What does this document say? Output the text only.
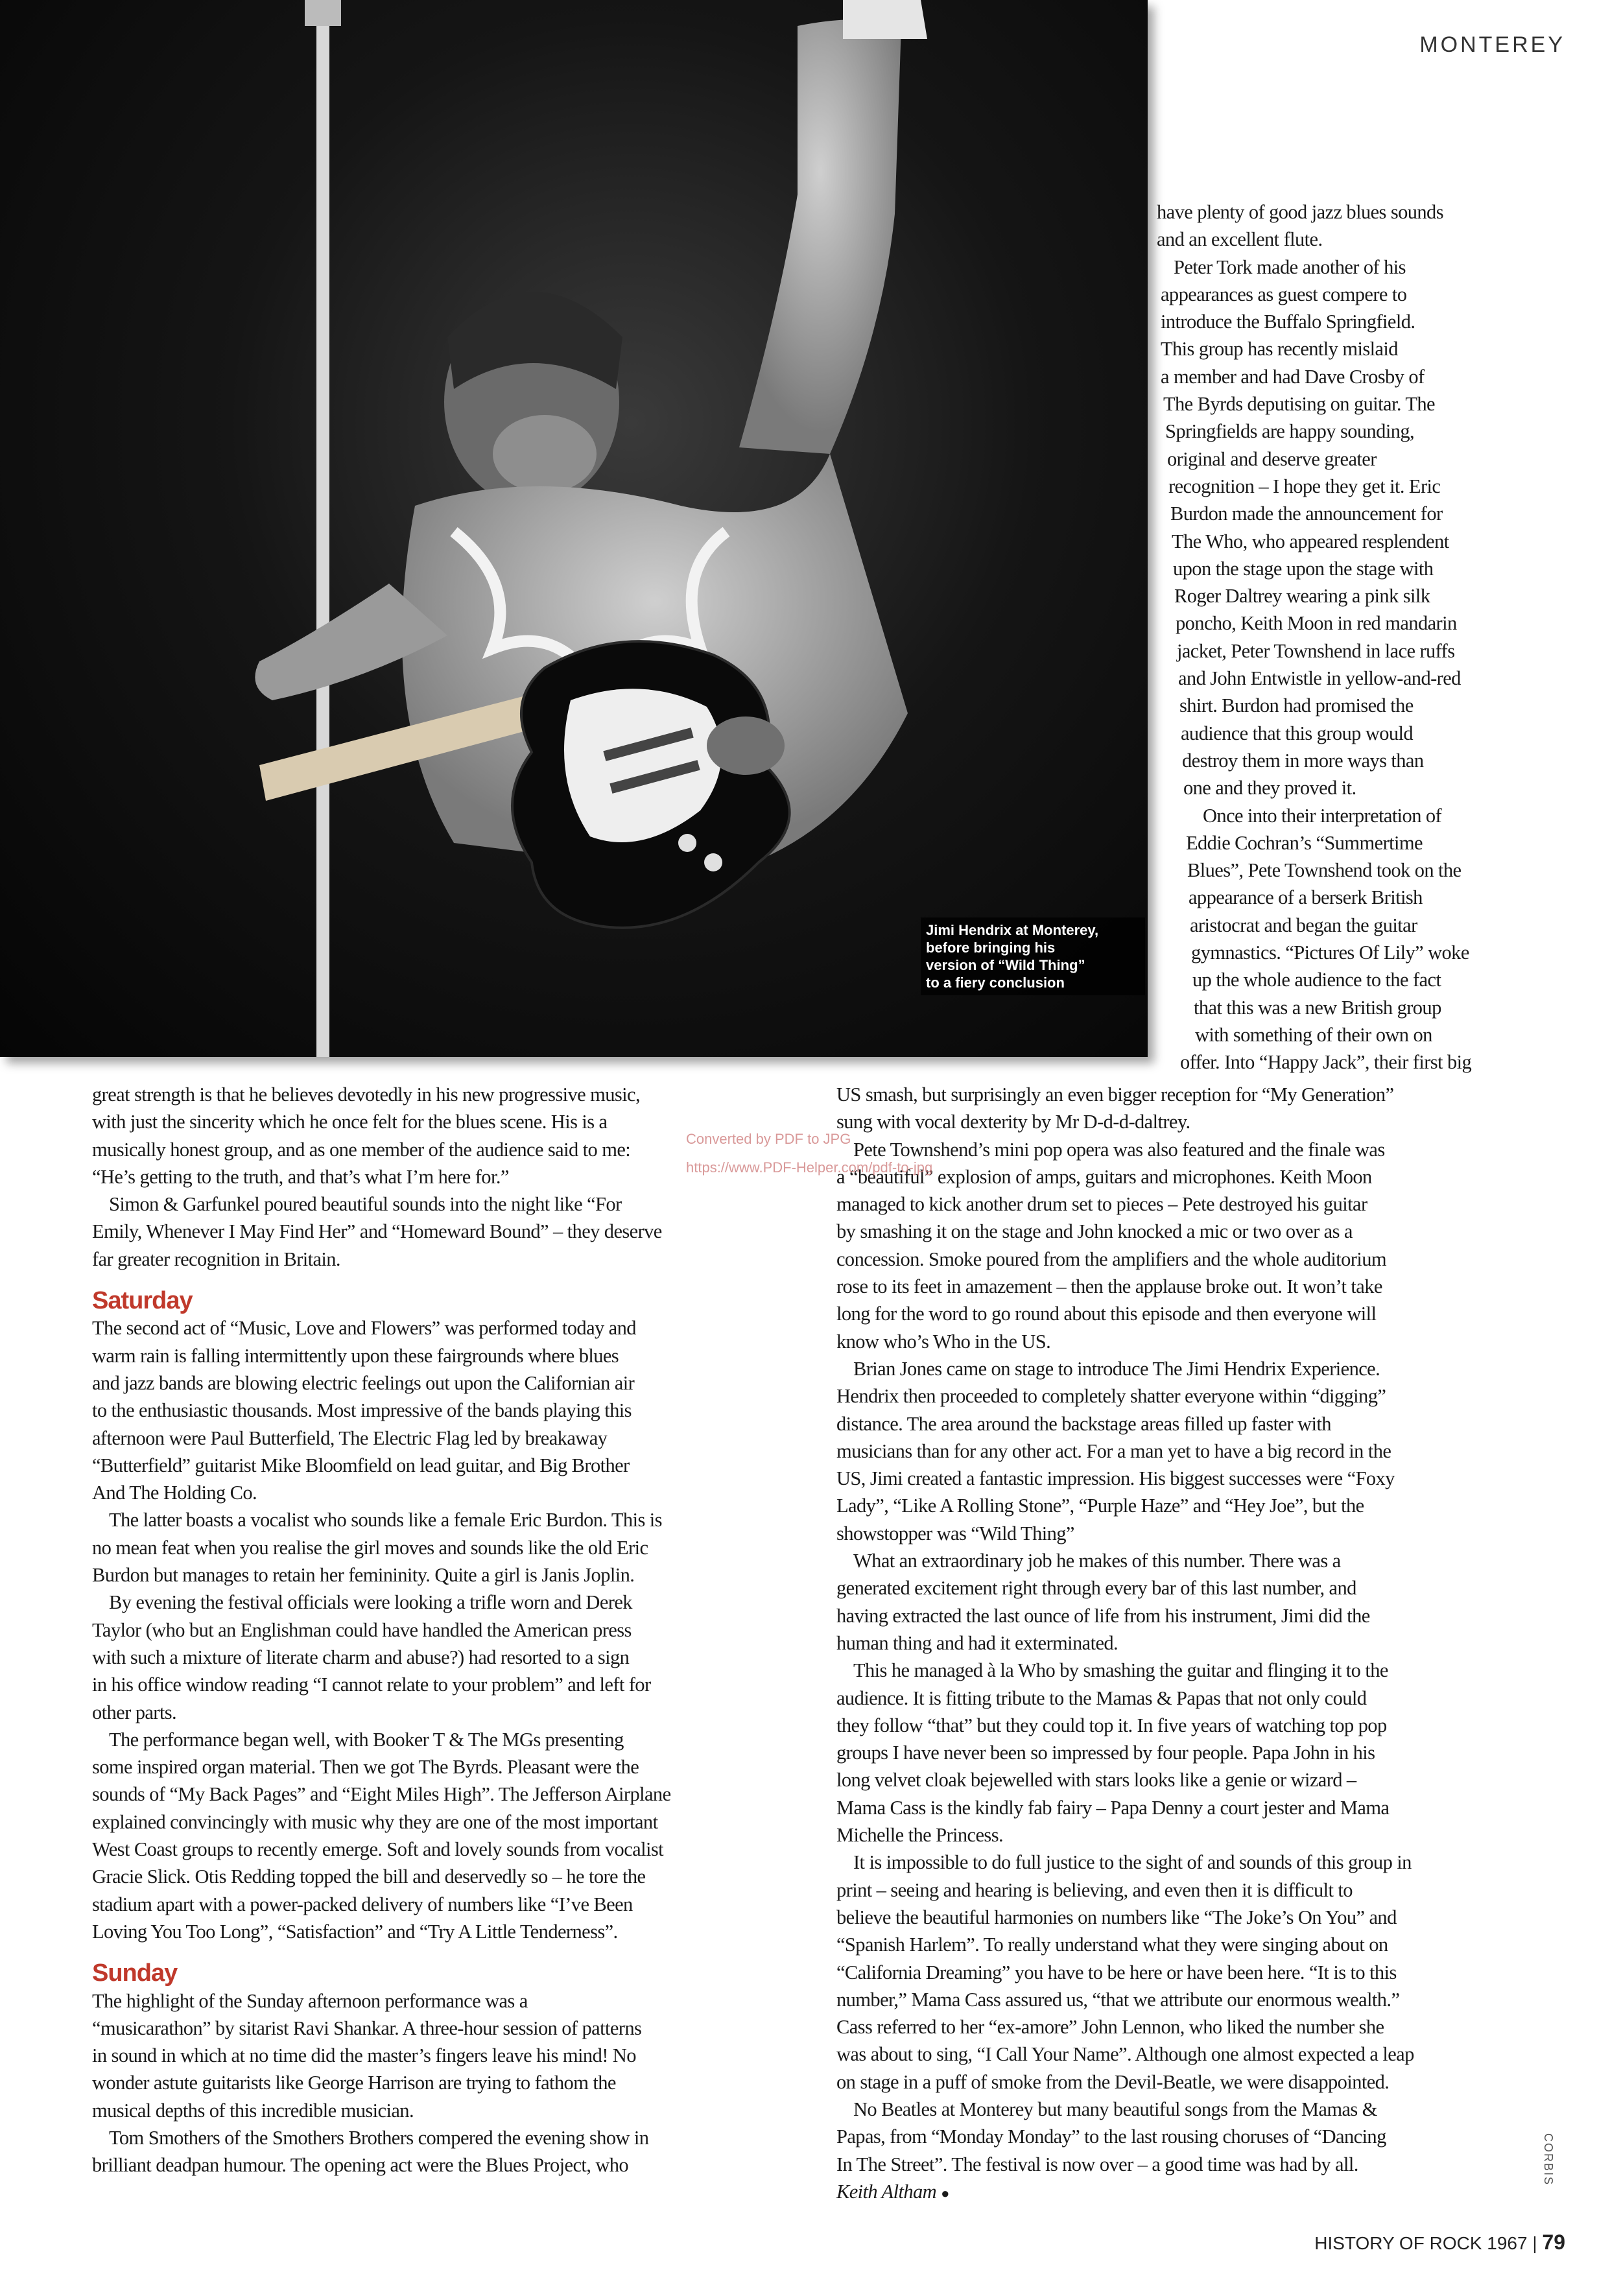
MONTEREY
Jimi Hendrix at Monterey,
before bringing his
version of “Wild Thing”
to a fiery conclusion

have plenty of good jazz blues sounds
and an excellent flute.

Peter Tork made another of his
appearances as guest compere to
introduce the Buffalo Springfield.
This group has recently mislaid
a member and had Dave Crosby of
The Byrds deputising on guitar. The
Springfields are happy sounding,
original and deserve greater
recognition – I hope they get it. Eric
Burdon made the announcement for
The Who, who appeared resplendent
upon the stage upon the stage with
Roger Daltrey wearing a pink silk
poncho, Keith Moon in red mandarin
jacket, Peter Townshend in lace ruffs
and John Entwistle in yellow-and-red
shirt. Burdon had promised the
audience that this group would
destroy them in more ways than
one and they proved it.

Once into their interpretation of
Eddie Cochran’s “Summertime
Blues”, Pete Townshend took on the
appearance of a berserk British
aristocrat and began the guitar
gymnastics. “Pictures Of Lily” woke
up the whole audience to the fact
that this was a new British group
with something of their own on
offer. Into “Happy Jack”, their first big

great strength is that he believes devotedly in his new progressive music,
with just the sincerity which he once felt for the blues scene. His is a
musically honest group, and as one member of the audience said to me:
“He’s getting to the truth, and that’s what I’m here for.”

Simon & Garfunkel poured beautiful sounds into the night like “For
Emily, Whenever I May Find Her” and “Homeward Bound” – they deserve
far greater recognition in Britain.

Saturday

The second act of “Music, Love and Flowers” was performed today and
warm rain is falling intermittently upon these fairgrounds where blues
and jazz bands are blowing electric feelings out upon the Californian air
to the enthusiastic thousands. Most impressive of the bands playing this
afternoon were Paul Butterfield, The Electric Flag led by breakaway
“Butterfield” guitarist Mike Bloomfield on lead guitar, and Big Brother
And The Holding Co.

The latter boasts a vocalist who sounds like a female Eric Burdon. This is
no mean feat when you realise the girl moves and sounds like the old Eric
Burdon but manages to retain her femininity. Quite a girl is Janis Joplin.

By evening the festival officials were looking a trifle worn and Derek
Taylor (who but an Englishman could have handled the American press
with such a mixture of literate charm and abuse?) had resorted to a sign
in his office window reading “I cannot relate to your problem” and left for
other parts.

The performance began well, with Booker T & The MGs presenting
some inspired organ material. Then we got The Byrds. Pleasant were the
sounds of “My Back Pages” and “Eight Miles High”. The Jefferson Airplane
explained convincingly with music why they are one of the most important
West Coast groups to recently emerge. Soft and lovely sounds from vocalist
Gracie Slick. Otis Redding topped the bill and deservedly so – he tore the
stadium apart with a power-packed delivery of numbers like “I’ve Been
Loving You Too Long”, “Satisfaction” and “Try A Little Tenderness”.

Sunday

The highlight of the Sunday afternoon performance was a
“musicarathon” by sitarist Ravi Shankar. A three-hour session of patterns
in sound in which at no time did the master’s fingers leave his mind! No
wonder astute guitarists like George Harrison are trying to fathom the
musical depths of this incredible musician.

Tom Smothers of the Smothers Brothers compered the evening show in
brilliant deadpan humour. The opening act were the Blues Project, who

US smash, but surprisingly an even bigger reception for “My Generation”
sung with vocal dexterity by Mr D-d-d-daltrey.

Pete Townshend’s mini pop opera was also featured and the finale was
a “beautiful” explosion of amps, guitars and microphones. Keith Moon
managed to kick another drum set to pieces – Pete destroyed his guitar
by smashing it on the stage and John knocked a mic or two over as a
concession. Smoke poured from the amplifiers and the whole auditorium
rose to its feet in amazement – then the applause broke out. It won’t take
long for the word to go round about this episode and then everyone will
know who’s Who in the US.

Brian Jones came on stage to introduce The Jimi Hendrix Experience.
Hendrix then proceeded to completely shatter everyone within “digging”
distance. The area around the backstage areas filled up faster with
musicians than for any other act. For a man yet to have a big record in the
US, Jimi created a fantastic impression. His biggest successes were “Foxy
Lady”, “Like A Rolling Stone”, “Purple Haze” and “Hey Joe”, but the
showstopper was “Wild Thing”

What an extraordinary job he makes of this number. There was a
generated excitement right through every bar of this last number, and
having extracted the last ounce of life from his instrument, Jimi did the
human thing and had it exterminated.

This he managed à la Who by smashing the guitar and flinging it to the
audience. It is fitting tribute to the Mamas & Papas that not only could
they follow “that” but they could top it. In five years of watching top pop
groups I have never been so impressed by four people. Papa John in his
long velvet cloak bejewelled with stars looks like a genie or wizard –
Mama Cass is the kindly fab fairy – Papa Denny a court jester and Mama
Michelle the Princess.

It is impossible to do full justice to the sight of and sounds of this group in
print – seeing and hearing is believing, and even then it is difficult to
believe the beautiful harmonies on numbers like “The Joke’s On You” and
“Spanish Harlem”. To really understand what they were singing about on
“California Dreaming” you have to be here or have been here. “It is to this
number,” Mama Cass assured us, “that we attribute our enormous wealth.”
Cass referred to her “ex-amore” John Lennon, who liked the number she
was about to sing, “I Call Your Name”. Although one almost expected a leap
on stage in a puff of smoke from the Devil-Beatle, we were disappointed.

No Beatles at Monterey but many beautiful songs from the Mamas &
Papas, from “Monday Monday” to the last rousing choruses of “Dancing
In The Street”. The festival is now over – a good time was had by all.

Keith Altham ●

Converted by PDF to JPG
https://www.PDF-Helper.com/pdf-to-jpg
CORBIS
HISTORY OF ROCK 1967 | 79
